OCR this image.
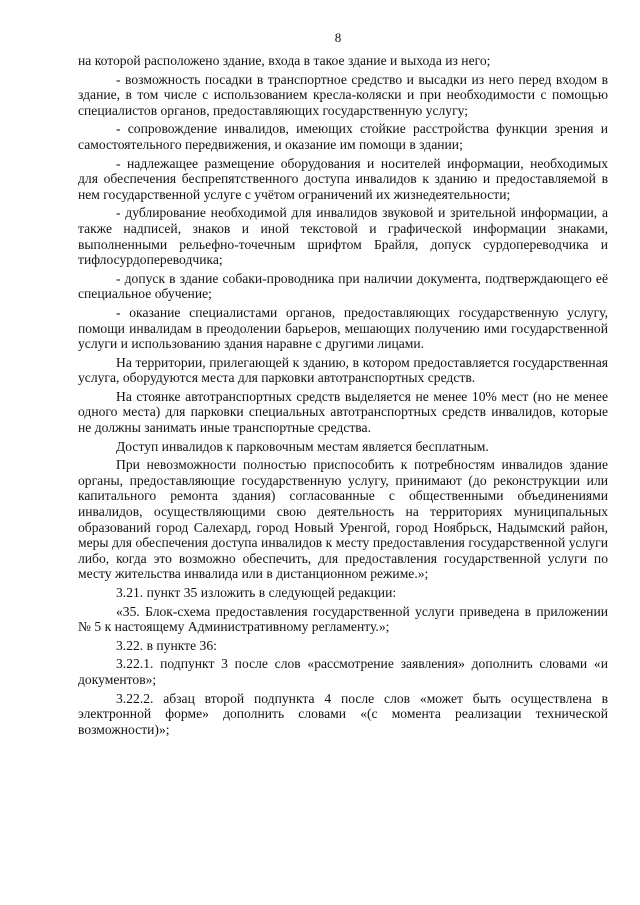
8

на которой расположено здание, входа в такое здание и выхода из него;

- возможность посадки в транспортное средство и высадки из него перед входом в здание, в том числе с использованием кресла-коляски и при необходимости с помощью специалистов органов, предоставляющих государственную услугу;

- сопровождение инвалидов, имеющих стойкие расстройства функции зрения и самостоятельного передвижения, и оказание им помощи в здании;

- надлежащее размещение оборудования и носителей информации, необходимых для обеспечения беспрепятственного доступа инвалидов к зданию и предоставляемой в нем государственной услуге с учётом ограничений их жизнедеятельности;

- дублирование необходимой для инвалидов звуковой и зрительной информации, а также надписей, знаков и иной текстовой и графической информации знаками, выполненными рельефно-точечным шрифтом Брайля, допуск сурдопереводчика и тифлосурдопереводчика;

- допуск в здание собаки-проводника при наличии документа, подтверждающего её специальное обучение;

- оказание специалистами органов, предоставляющих государственную услугу, помощи инвалидам в преодолении барьеров, мешающих получению ими государственной услуги и использованию здания наравне с другими лицами.

На территории, прилегающей к зданию, в котором предоставляется государственная услуга, оборудуются места для парковки автотранспортных средств.

На стоянке автотранспортных средств выделяется не менее 10% мест (но не менее одного места) для парковки специальных автотранспортных средств инвалидов, которые не должны занимать иные транспортные средства.

Доступ инвалидов к парковочным местам является бесплатным.

При невозможности полностью приспособить к потребностям инвалидов здание органы, предоставляющие государственную услугу, принимают (до реконструкции или капитального ремонта здания) согласованные с общественными объединениями инвалидов, осуществляющими свою деятельность на территориях муниципальных образований город Салехард, город Новый Уренгой, город Ноябрьск, Надымский район, меры для обеспечения доступа инвалидов к месту предоставления государственной услуги либо, когда это возможно обеспечить, для предоставления государственной услуги по месту жительства инвалида или в дистанционном режиме.»;

3.21. пункт 35 изложить в следующей редакции:

«35. Блок-схема предоставления государственной услуги приведена в приложении № 5 к настоящему Административному регламенту.»;

3.22. в пункте 36:

3.22.1. подпункт 3 после слов «рассмотрение заявления» дополнить словами «и документов»;

3.22.2. абзац второй подпункта 4 после слов «может быть осуществлена в электронной форме» дополнить словами «(с момента реализации технической возможности)»;
